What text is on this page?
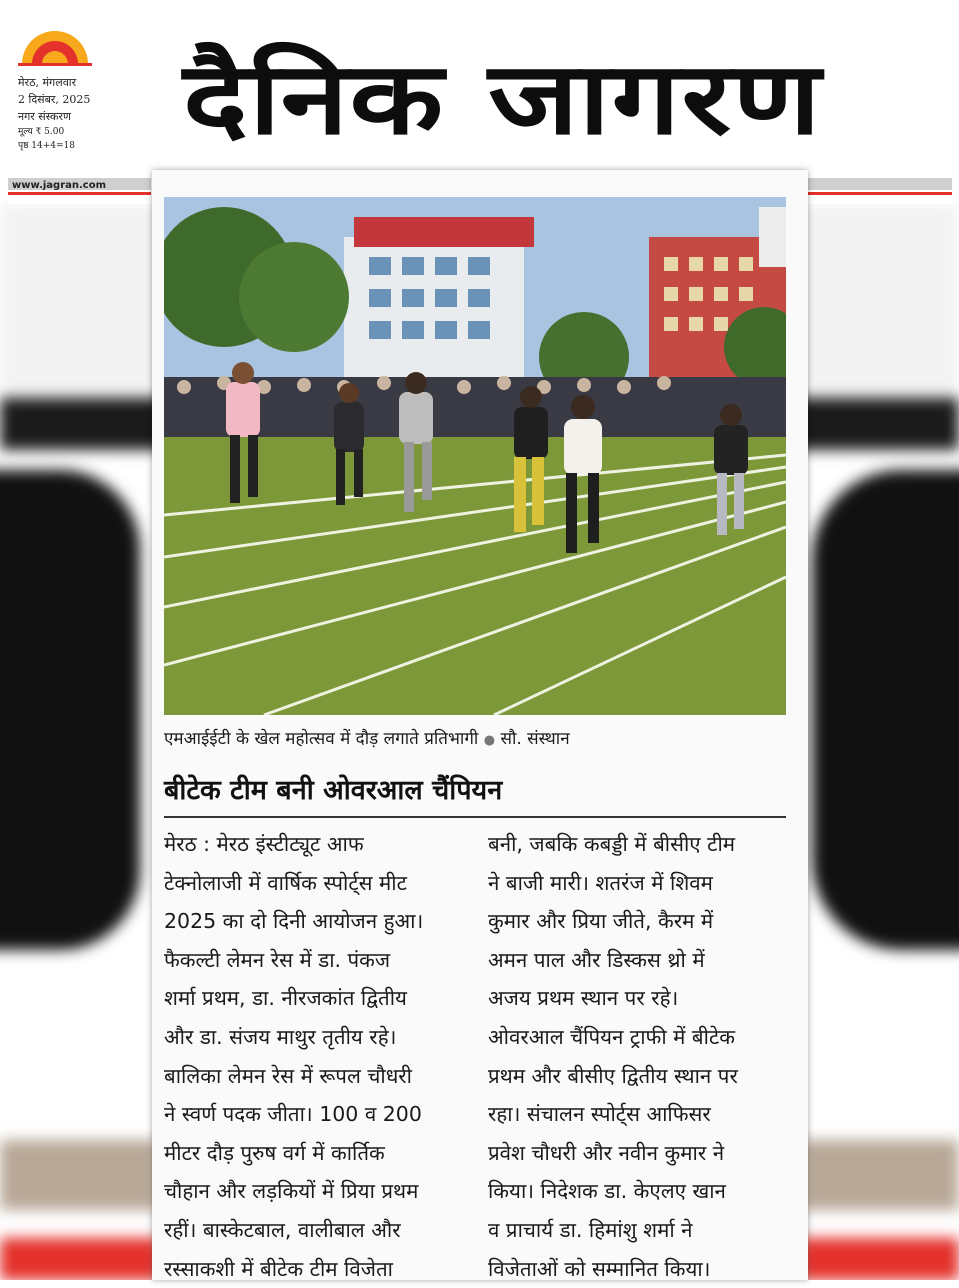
मेरठ, मंगलवार
2 दिसंबर, 2025
नगर संस्करण
मूल्य ₹ 5.00
पृष्ठ 14+4=18	दैनिक जागरण
www.jagran.com
एमआईईटी के खेल महोत्सव में दौड़ लगाते प्रतिभागी ● सौ. संस्थान
बीटेक टीम बनी ओवरआल चैंपियन
मेरठ : मेरठ इंस्टीट्यूट आफ
टेक्नोलाजी में वार्षिक स्पोर्ट्स मीट
2025 का दो दिनी आयोजन हुआ।
फैकल्टी लेमन रेस में डा. पंकज
शर्मा प्रथम, डा. नीरजकांत द्वितीय
और डा. संजय माथुर तृतीय रहे।
बालिका लेमन रेस में रूपल चौधरी
ने स्वर्ण पदक जीता। 100 व 200
मीटर दौड़ पुरुष वर्ग में कार्तिक
चौहान और लड़कियों में प्रिया प्रथम
रहीं। बास्केटबाल, वालीबाल और
रस्साकशी में बीटेक टीम विजेता
बनी, जबकि कबड्डी में बीसीए टीम
ने बाजी मारी। शतरंज में शिवम
कुमार और प्रिया जीते, कैरम में
अमन पाल और डिस्कस थ्रो में
अजय प्रथम स्थान पर रहे।
ओवरआल चैंपियन ट्राफी में बीटेक
प्रथम और बीसीए द्वितीय स्थान पर
रहा। संचालन स्पोर्ट्स आफिसर
प्रवेश चौधरी और नवीन कुमार ने
किया। निदेशक डा. केएलए खान
व प्राचार्य डा. हिमांशु शर्मा ने
विजेताओं को सम्मानित किया।
